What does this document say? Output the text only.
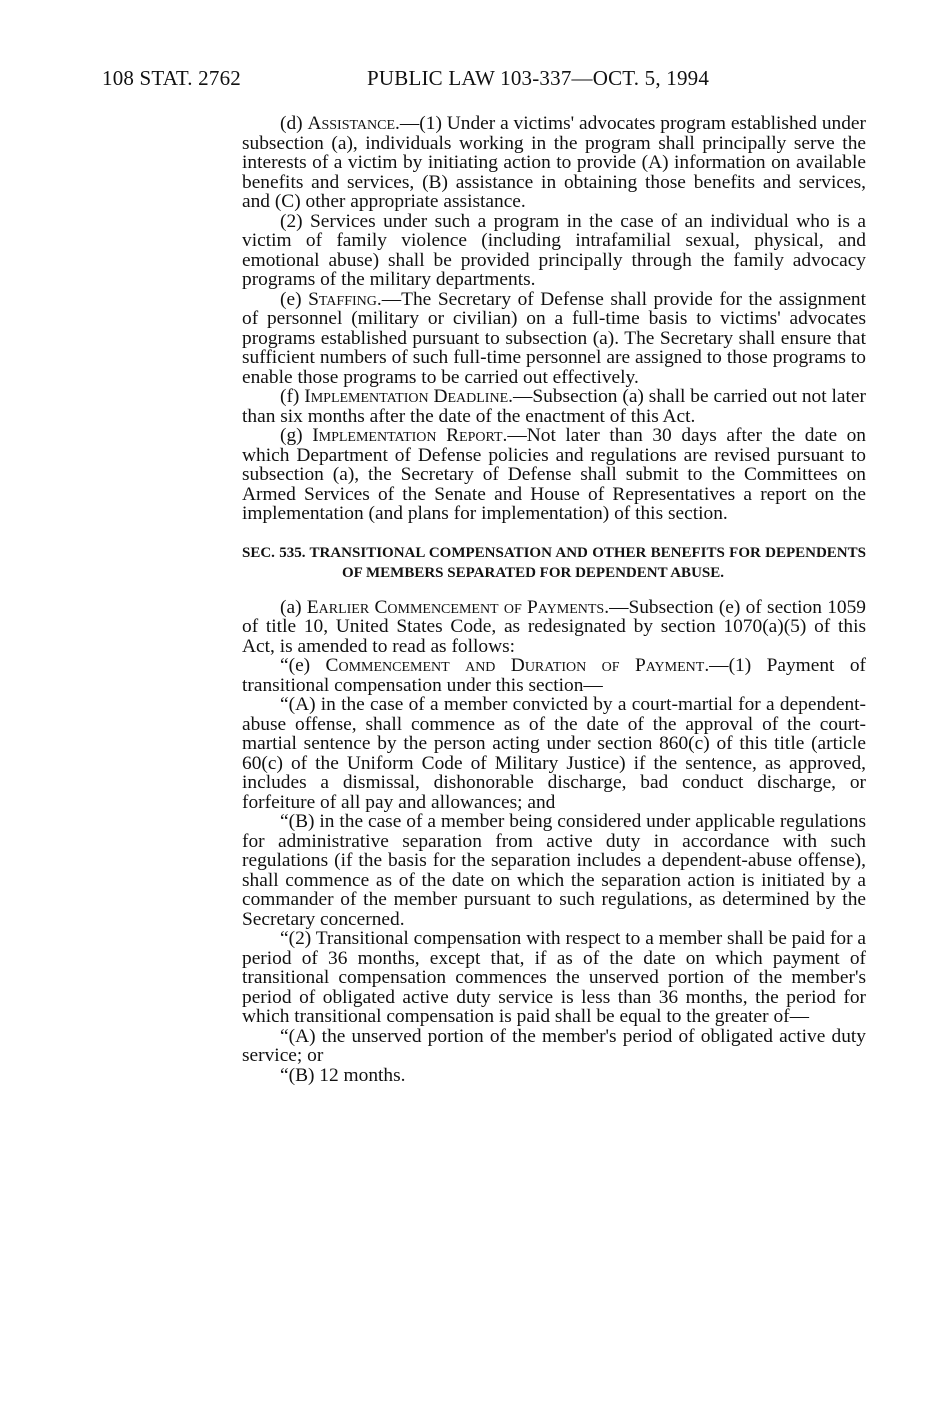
108 STAT. 2762	PUBLIC LAW 103-337—OCT. 5, 1994

(d) Assistance.—(1) Under a victims' advocates program established under subsection (a), individuals working in the program shall principally serve the interests of a victim by initiating action to provide (A) information on available benefits and services, (B) assistance in obtaining those benefits and services, and (C) other appropriate assistance.

(2) Services under such a program in the case of an individual who is a victim of family violence (including intrafamilial sexual, physical, and emotional abuse) shall be provided principally through the family advocacy programs of the military departments.

(e) Staffing.—The Secretary of Defense shall provide for the assignment of personnel (military or civilian) on a full-time basis to victims' advocates programs established pursuant to subsection (a). The Secretary shall ensure that sufficient numbers of such full-time personnel are assigned to those programs to enable those programs to be carried out effectively.

(f) Implementation Deadline.—Subsection (a) shall be carried out not later than six months after the date of the enactment of this Act.

(g) Implementation Report.—Not later than 30 days after the date on which Department of Defense policies and regulations are revised pursuant to subsection (a), the Secretary of Defense shall submit to the Committees on Armed Services of the Senate and House of Representatives a report on the implementation (and plans for implementation) of this section.

SEC. 535. TRANSITIONAL COMPENSATION AND OTHER BENEFITS FOR DEPENDENTS OF MEMBERS SEPARATED FOR DEPENDENT ABUSE.

(a) Earlier Commencement of Payments.—Subsection (e) of section 1059 of title 10, United States Code, as redesignated by section 1070(a)(5) of this Act, is amended to read as follows:

“(e) Commencement and Duration of Payment.—(1) Payment of transitional compensation under this section—

“(A) in the case of a member convicted by a court-martial for a dependent-abuse offense, shall commence as of the date of the approval of the court-martial sentence by the person acting under section 860(c) of this title (article 60(c) of the Uniform Code of Military Justice) if the sentence, as approved, includes a dismissal, dishonorable discharge, bad conduct discharge, or forfeiture of all pay and allowances; and

“(B) in the case of a member being considered under applicable regulations for administrative separation from active duty in accordance with such regulations (if the basis for the separation includes a dependent-abuse offense), shall commence as of the date on which the separation action is initiated by a commander of the member pursuant to such regulations, as determined by the Secretary concerned.

“(2) Transitional compensation with respect to a member shall be paid for a period of 36 months, except that, if as of the date on which payment of transitional compensation commences the unserved portion of the member's period of obligated active duty service is less than 36 months, the period for which transitional compensation is paid shall be equal to the greater of—

“(A) the unserved portion of the member's period of obligated active duty service; or

“(B) 12 months.
